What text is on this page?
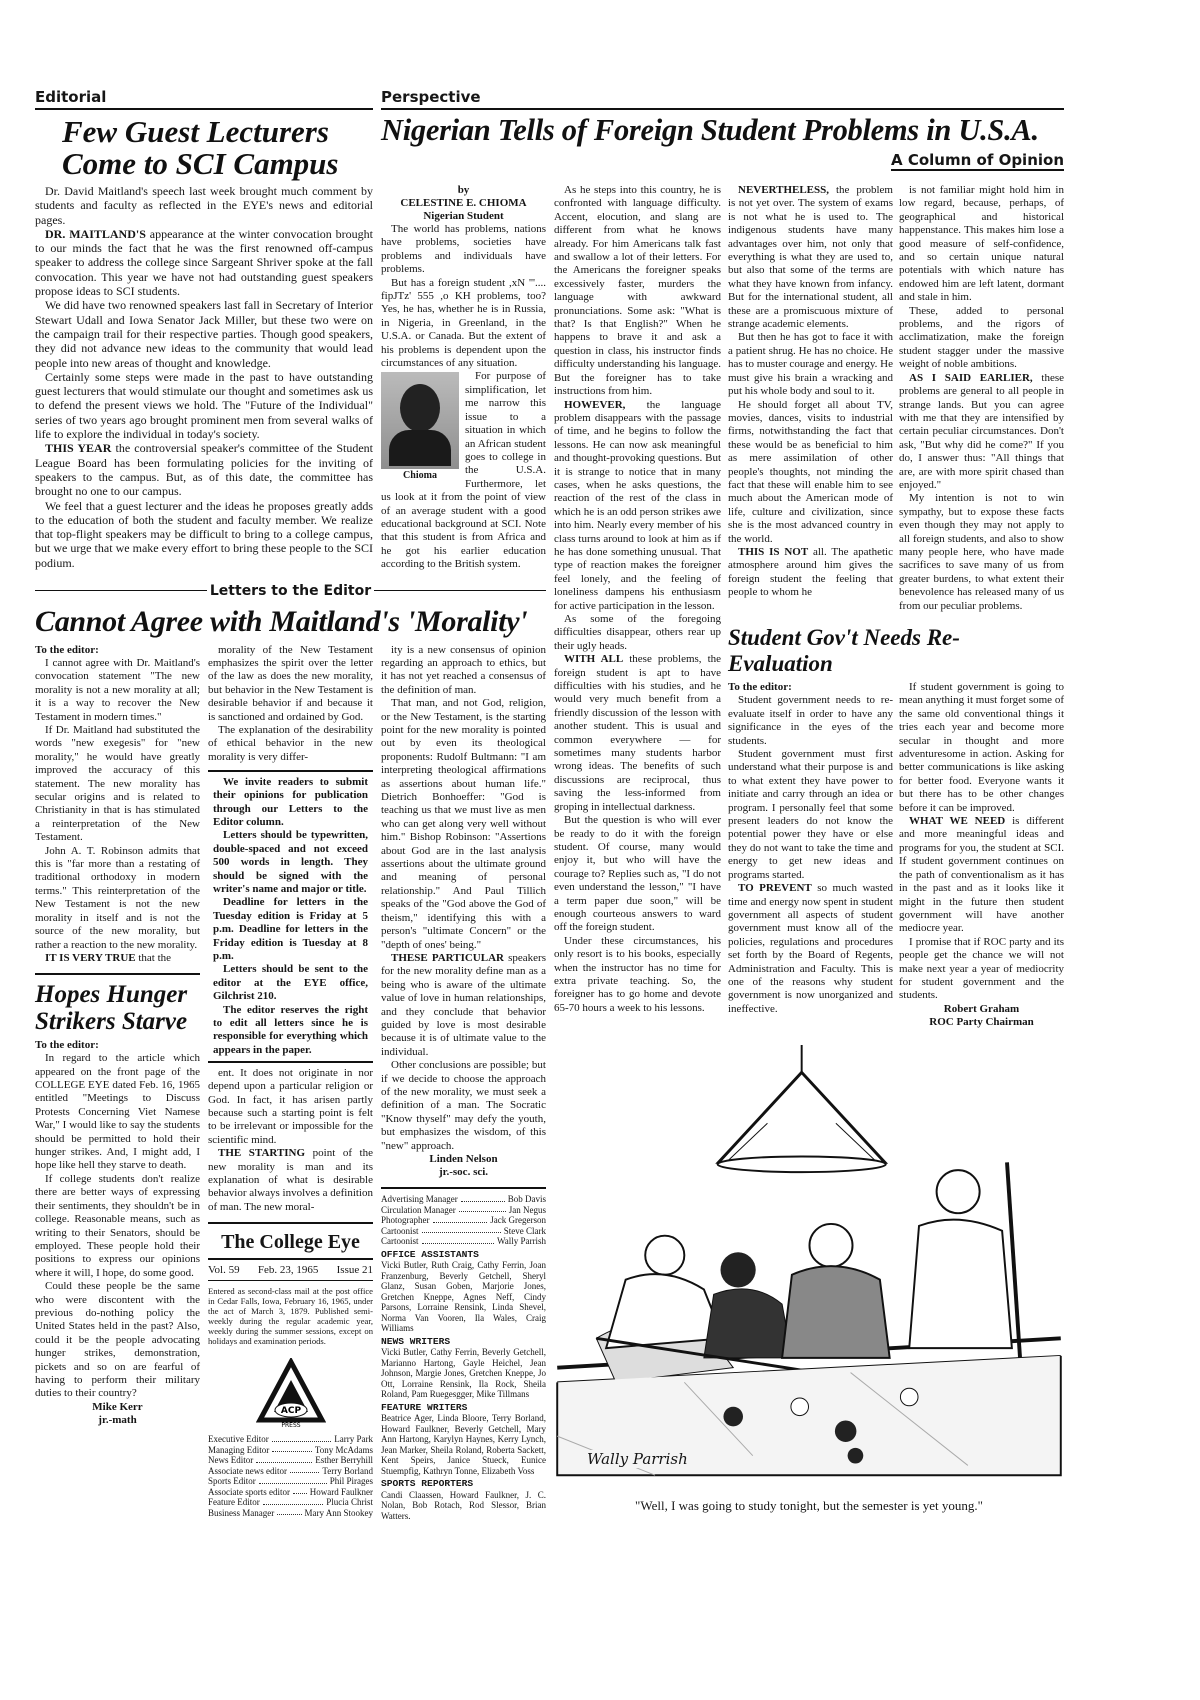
Editorial
Few Guest Lecturers
Come to SCI Campus
Perspective
Nigerian Tells of Foreign Student Problems in U.S.A.
A Column of Opinion

Dr. David Maitland's speech last week brought much comment by students and faculty as reflected in the EYE's news and editorial pages.

DR. MAITLAND'S appearance at the winter convocation brought to our minds the fact that he was the first renowned off-campus speaker to address the college since Sargeant Shriver spoke at the fall convocation. This year we have not had outstanding guest speakers propose ideas to SCI students.

We did have two renowned speakers last fall in Secretary of Interior Stewart Udall and Iowa Senator Jack Miller, but these two were on the campaign trail for their respective parties. Though good speakers, they did not advance new ideas to the community that would lead people into new areas of thought and knowledge.

Certainly some steps were made in the past to have outstanding guest lecturers that would stimulate our thought and sometimes ask us to defend the present views we hold. The "Future of the Individual" series of two years ago brought prominent men from several walks of life to explore the individual in today's society.

THIS YEAR the controversial speaker's committee of the Student League Board has been formulating policies for the inviting of speakers to the campus. But, as of this date, the committee has brought no one to our campus.

We feel that a guest lecturer and the ideas he proposes greatly adds to the education of both the student and faculty member. We realize that top-flight speakers may be difficult to bring to a college campus, but we urge that we make every effort to bring these people to the SCI podium.

by
CELESTINE E. CHIOMA
Nigerian Student

The world has problems, nations have problems, societies have problems and individuals have problems.

But has a foreign student ,xN '''.... fipJTz' 555 ,o KH problems, too? Yes, he has, whether he is in Russia, in Nigeria, in Greenland, in the U.S.A. or Canada. But the extent of his problems is dependent upon the circumstances of any situation.

Chioma

For purpose of simplification, let me narrow this issue to a situation in which an African student goes to college in the U.S.A. Furthermore, let us look at it from the point of view of an average student with a good educational background at SCI. Note that this student is from Africa and he got his earlier education according to the British system.

As he steps into this country, he is confronted with language difficulty. Accent, elocution, and slang are different from what he knows already. For him Americans talk fast and swallow a lot of their letters. For the Americans the foreigner speaks excessively faster, murders the language with awkward pronunciations. Some ask: "What is that? Is that English?" When he happens to brave it and ask a question in class, his instructor finds difficulty understanding his language. But the foreigner has to take instructions from him.

HOWEVER, the language problem disappears with the passage of time, and he begins to follow the lessons. He can now ask meaningful and thought-provoking questions. But it is strange to notice that in many cases, when he asks questions, the reaction of the rest of the class in which he is an odd person strikes awe into him. Nearly every member of his class turns around to look at him as if he has done something unusual. That type of reaction makes the foreigner feel lonely, and the feeling of loneliness dampens his enthusiasm for active participation in the lesson.

As some of the foregoing difficulties disappear, others rear up their ugly heads.

WITH ALL these problems, the foreign student is apt to have difficulties with his studies, and he would very much benefit from a friendly discussion of the lesson with another student. This is usual and common everywhere — for sometimes many students harbor wrong ideas. The benefits of such discussions are reciprocal, thus saving the less-informed from groping in intellectual darkness.

But the question is who will ever be ready to do it with the foreign student. Of course, many would enjoy it, but who will have the courage to? Replies such as, "I do not even understand the lesson," "I have a term paper due soon," will be enough courteous answers to ward off the foreign student.

Under these circumstances, his only resort is to his books, especially when the instructor has no time for extra private teaching. So, the foreigner has to go home and devote 65-70 hours a week to his lessons.

NEVERTHELESS, the problem is not yet over. The system of exams is not what he is used to. The indigenous students have many advantages over him, not only that everything is what they are used to, but also that some of the terms are what they have known from infancy. But for the international student, all these are a promiscuous mixture of strange academic elements.

But then he has got to face it with a patient shrug. He has no choice. He has to muster courage and energy. He must give his brain a wracking and put his whole body and soul to it.

He should forget all about TV, movies, dances, visits to industrial firms, notwithstanding the fact that these would be as beneficial to him as mere assimilation of other people's thoughts, not minding the fact that these will enable him to see much about the American mode of life, culture and civilization, since she is the most advanced country in the world.

THIS IS NOT all. The apathetic atmosphere around him gives the foreign student the feeling that people to whom he

is not familiar might hold him in low regard, because, perhaps, of geographical and historical happenstance. This makes him lose a good measure of self-confidence, and so certain unique natural potentials with which nature has endowed him are left latent, dormant and stale in him.

These, added to personal problems, and the rigors of acclimatization, make the foreign student stagger under the massive weight of noble ambitions.

AS I SAID EARLIER, these problems are general to all people in strange lands. But you can agree with me that they are intensified by certain peculiar circumstances. Don't ask, "But why did he come?" If you do, I answer thus: "All things that are, are with more spirit chased than enjoyed."

My intention is not to win sympathy, but to expose these facts even though they may not apply to all foreign students, and also to show many people here, who have made sacrifices to save many of us from greater burdens, to what extent their benevolence has released many of us from our peculiar problems.

Student Gov't Needs Re-Evaluation

To the editor:

Student government needs to re-evaluate itself in order to have any significance in the eyes of the students.

Student government must first understand what their purpose is and to what extent they have power to initiate and carry through an idea or program. I personally feel that some present leaders do not know the potential power they have or else they do not want to take the time and energy to get new ideas and programs started.

TO PREVENT so much wasted time and energy now spent in student government all aspects of student government must know all of the policies, regulations and procedures set forth by the Board of Regents, Administration and Faculty. This is one of the reasons why student government is now unorganized and ineffective.

If student government is going to mean anything it must forget some of the same old conventional things it tries each year and become more secular in thought and more adventuresome in action. Asking for better communications is like asking for better food. Everyone wants it but there has to be other changes before it can be improved.

WHAT WE NEED is different and more meaningful ideas and programs for you, the student at SCI. If student government continues on the path of conventionalism as it has in the past and as it looks like it might in the future then student government will have another mediocre year.

I promise that if ROC party and its people get the chance we will not make next year a year of mediocrity for student government and the students.

Robert Graham

ROC Party Chairman

Wally Parrish
"Well, I was going to study tonight, but the semester is yet young."
Letters to the Editor
Cannot Agree with Maitland's 'Morality'

To the editor:

I cannot agree with Dr. Maitland's convocation statement "The new morality is not a new morality at all; it is a way to recover the New Testament in modern times."

If Dr. Maitland had substituted the words "new exegesis" for "new morality," he would have greatly improved the accuracy of this statement. The new morality has secular origins and is related to Christianity in that is has stimulated a reinterpretation of the New Testament.

John A. T. Robinson admits that this is "far more than a restating of traditional orthodoxy in modern terms." This reinterpretation of the New Testament is not the new morality in itself and is not the source of the new morality, but rather a reaction to the new morality.

IT IS VERY TRUE that the

Hopes Hunger
Strikers Starve

To the editor:

In regard to the article which appeared on the front page of the COLLEGE EYE dated Feb. 16, 1965 entitled "Meetings to Discuss Protests Concerning Viet Namese War," I would like to say the students should be permitted to hold their hunger strikes. And, I might add, I hope like hell they starve to death.

If college students don't realize there are better ways of expressing their sentiments, they shouldn't be in college. Reasonable means, such as writing to their Senators, should be employed. These people hold their positions to express our opinions where it will, I hope, do some good.

Could these people be the same who were discontent with the previous do-nothing policy the United States held in the past? Also, could it be the people advocating hunger strikes, demonstration, pickets and so on are fearful of having to perform their military duties to their country?

Mike Kerr

jr.-math

morality of the New Testament emphasizes the spirit over the letter of the law as does the new morality, but behavior in the New Testament is desirable behavior if and because it is sanctioned and ordained by God.

The explanation of the desirability of ethical behavior in the new morality is very differ-

We invite readers to submit their opinions for publication through our Letters to the Editor column.

Letters should be typewritten, double-spaced and not exceed 500 words in length. They should be signed with the writer's name and major or title.

Deadline for letters in the Tuesday edition is Friday at 5 p.m. Deadline for letters in the Friday edition is Tuesday at 8 p.m.

Letters should be sent to the editor at the EYE office, Gilchrist 210.

The editor reserves the right to edit all letters since he is responsible for everything which appears in the paper.

ent. It does not originate in nor depend upon a particular religion or God. In fact, it has arisen partly because such a starting point is felt to be irrelevant or impossible for the scientific mind.

THE STARTING point of the new morality is man and its explanation of what is desirable behavior always involves a definition of man. The new moral-

The College Eye
Vol. 59 Feb. 23, 1965 Issue 21
Entered as second-class mail at the post office in Cedar Falls, Iowa, February 16, 1965, under the act of March 3, 1879. Published semi-weekly during the regular academic year, weekly during the summer sessions, except on holidays and examination periods.
ACP
PRESS
Executive Editor	Larry Park
Managing Editor	Tony McAdams
News Editor	Esther Berryhill
Associate news editor	Terry Borland
Sports Editor	Phil Pirages
Associate sports editor Howard Faulkner
Feature Editor	Plucia Christ
Business Manager	Mary Ann Stookey

ity is a new consensus of opinion regarding an approach to ethics, but it has not yet reached a consensus of the definition of man.

That man, and not God, religion, or the New Testament, is the starting point for the new morality is pointed out by even its theological proponents: Rudolf Bultmann: "I am interpreting theological affirmations as assertions about human life." Dietrich Bonhoeffer: "God is teaching us that we must live as men who can get along very well without him." Bishop Robinson: "Assertions about God are in the last analysis assertions about the ultimate ground and meaning of personal relationship." And Paul Tillich speaks of the "God above the God of theism," identifying this with a person's "ultimate Concern" or the "depth of ones' being."

THESE PARTICULAR speakers for the new morality define man as a being who is aware of the ultimate value of love in human relationships, and they conclude that behavior guided by love is most desirable because it is of ultimate value to the individual.

Other conclusions are possible; but if we decide to choose the approach of the new morality, we must seek a definition of a man. The Socratic "Know thyself" may defy the youth, but emphasizes the wisdom, of this "new" approach.

Linden Nelson

jr.-soc. sci.

Advertising Manager	Bob Davis
Circulation Manager	Jan Negus
Photographer	Jack Gregerson
Cartoonist	Steve Clark
Cartoonist	Wally Parrish
OFFICE ASSISTANTS
Vicki Butler, Ruth Craig, Cathy Ferrin, Joan Franzenburg, Beverly Getchell, Sheryl Glanz, Susan Goben, Marjorie Jones, Gretchen Kneppe, Agnes Neff, Cindy Parsons, Lorraine Rensink, Linda Shevel, Norma Van Vooren, Ila Wales, Craig Williams
NEWS WRITERS
Vicki Butler, Cathy Ferrin, Beverly Getchell, Marianno Hartong, Gayle Heichel, Jean Johnson, Margie Jones, Gretchen Kneppe, Jo Ott, Lorraine Rensink, Ila Rock, Sheila Roland, Pam Ruegesgger, Mike Tillmans
FEATURE WRITERS
Beatrice Ager, Linda Bloore, Terry Borland, Howard Faulkner, Beverly Getchell, Mary Ann Hartong, Karylyn Haynes, Kerry Lynch, Jean Marker, Sheila Roland, Roberta Sackett, Kent Speirs, Janice Stueck, Eunice Stuempfig, Kathryn Tonne, Elizabeth Voss
SPORTS REPORTERS
Candi Claassen, Howard Faulkner, J. C. Nolan, Bob Rotach, Rod Slessor, Brian Watters.
